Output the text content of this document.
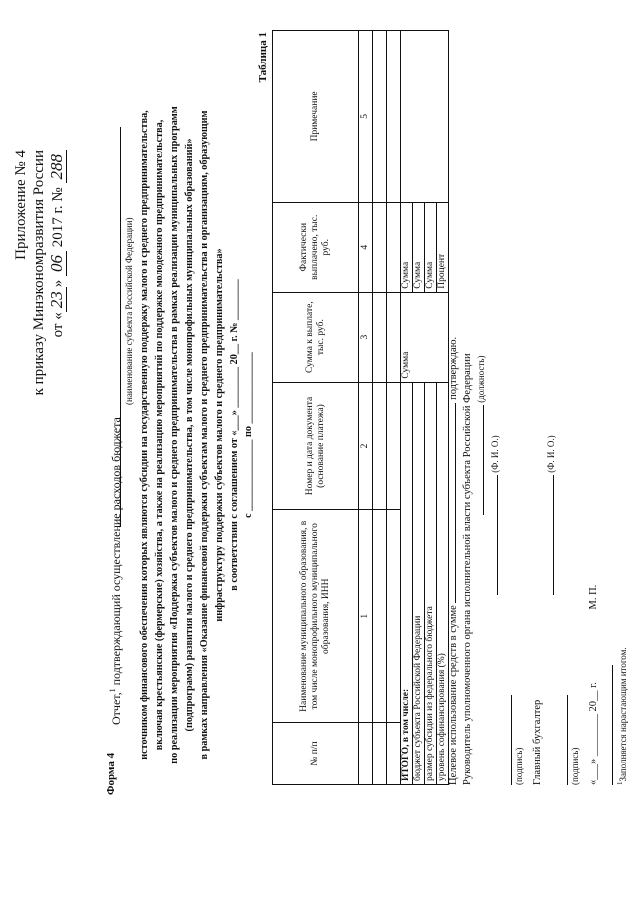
Приложение № 4 к приказу Минэкономразвития России от «23» 06 2017 г. № 288
Форма 4
Отчет,$^1$ подтверждающий осуществление расходов бюджета
(наименование субъекта Российской Федерации) источником финансового обеспечения которых являются субсидии на государственную поддержку малого и среднего предпринимательства, включая крестьянские (фермерские) хозяйства, а также на реализацию мероприятий по поддержке молодежного предпринимательства, по реализации мероприятия «Поддержка субъектов малого и среднего предпринимательства в рамках реализации муниципальных программ (подпрограмм) развития малого и среднего предпринимательства, в том числе монопрофильных муниципальных образований» в рамках направления «Оказание финансовой поддержки субъектам малого и среднего предпринимательства и организациям, образующим инфраструктуру поддержки субъектов малого и среднего предпринимательства» в соответствии с соглашением от «___» ________ 20__ г. № ________ с ______________ по ______________
Таблица 1
№ п/п	Наименование муниципального образования, в том числе монопрофильного муниципального образования, ИНН	Номер и дата документа (основание платежа)	Сумма к выплате, тыс. руб.	Фактически выплачено, тыс. руб.	Примечание
	1	2	3	4	5

ИТОГО, в том числе:			Сумма	Сумма	
бюджет субъекта Российской Федерации				Сумма	
размер субсидии из федерального бюджета				Сумма	
уровень софинансирования (%)				Процент	
Целевое использование средств в сумме  подтверждаю. Руководитель уполномоченного органа исполнительной власти субъекта Российской Федерации (должность)
(Ф. И. О.)
(подпись) Главный бухгалтер
(Ф. И. О.)
(подпись) «___» ________ 20__ г. М. П.
$^1$Заполняется нарастающим итогом.
